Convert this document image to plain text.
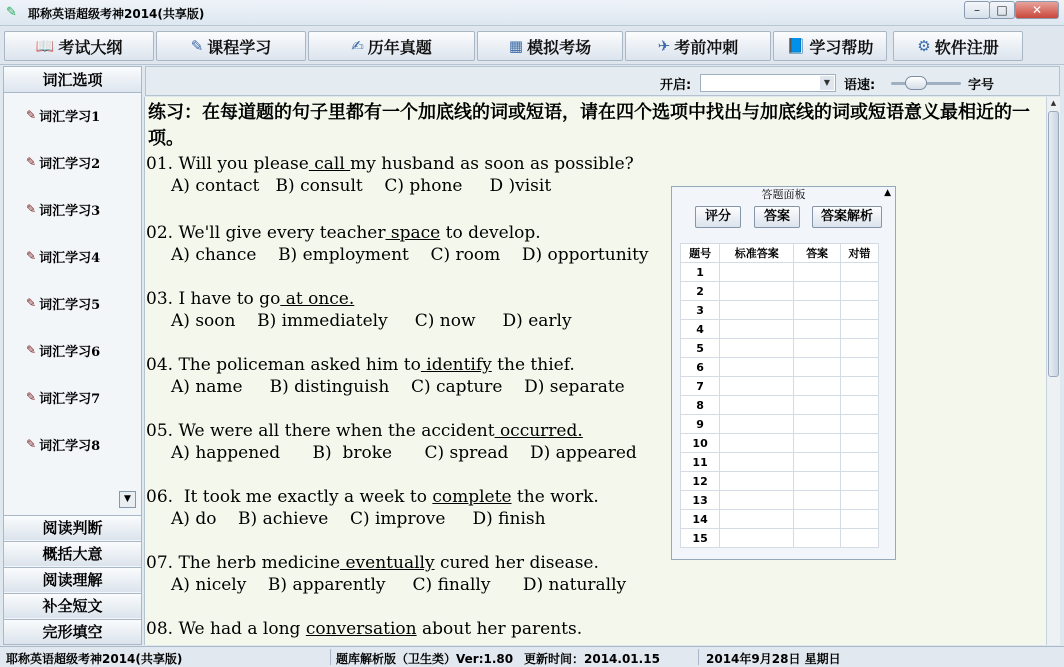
✎ 耶称英语超级考神2014(共享版)	–	□	✕
📖 考试大纲	✎ 课程学习	✍ 历年真题	▦ 模拟考场	✈ 考前冲刺	📘 学习帮助	⚙ 软件注册
词汇选项
✎ 词汇学习1
✎ 词汇学习2
✎ 词汇学习3
✎ 词汇学习4
✎ 词汇学习5
✎ 词汇学习6
✎ 词汇学习7
✎ 词汇学习8
▼
阅读判断
概括大意
阅读理解
补全短文
完形填空
开启:	▼	语速:	字号
练习：在每道题的句子里都有一个加底线的词或短语，请在四个选项中找出与加底线的词或短语意义最相近的一项。
01. Will you please call my husband as soon as possible?
A) contact   B) consult    C) phone     D )visit
02. We'll give every teacher space to develop.
A) chance    B) employment    C) room    D) opportunity
03. I have to go at once.
A) soon    B) immediately     C) now     D) early
04. The policeman asked him to identify the thief.
A) name     B) distinguish    C) capture    D) separate
05. We were all there when the accident occurred.
A) happened      B)  broke      C) spread    D) appeared
06.  It took me exactly a week to complete the work.
A) do    B) achieve    C) improve     D) finish
07. The herb medicine eventually cured her disease.
A) nicely    B) apparently     C) finally      D) naturally
08. We had a long conversation about her parents.
▲
答题面板	▲
评分	答案	答案解析
题号	标准答案	答案	对错
1			
2			
3			
4			
5			
6			
7			
8			
9			
10			
11			
12			
13			
14			
15			
耶称英语超级考神2014(共享版)	题库解析版（卫生类）Ver:1.80 更新时间：2014.01.15	2014年9月28日 星期日
